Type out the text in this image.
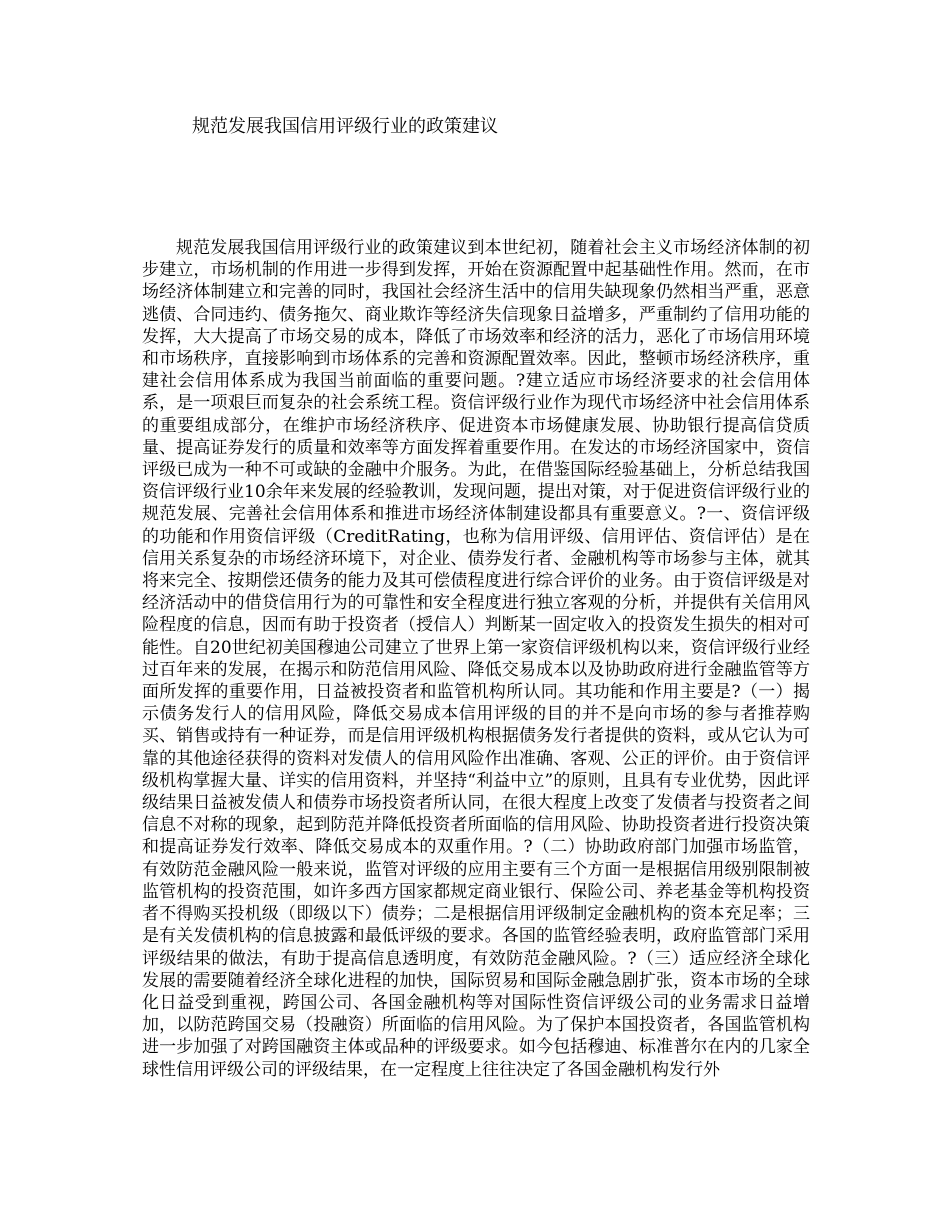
规范发展我国信用评级行业的政策建议

规范发展我国信用评级行业的政策建议到本世纪初，随着社会主义市场经济体制的初步建立，市场机制的作用进一步得到发挥，开始在资源配置中起基础性作用。然而，在市场经济体制建立和完善的同时，我国社会经济生活中的信用失缺现象仍然相当严重，恶意逃债、合同违约、债务拖欠、商业欺诈等经济失信现象日益增多，严重制约了信用功能的发挥，大大提高了市场交易的成本，降低了市场效率和经济的活力，恶化了市场信用环境和市场秩序，直接影响到市场体系的完善和资源配置效率。因此，整顿市场经济秩序，重建社会信用体系成为我国当前面临的重要问题。?建立适应市场经济要求的社会信用体系，是一项艰巨而复杂的社会系统工程。资信评级行业作为现代市场经济中社会信用体系的重要组成部分，在维护市场经济秩序、促进资本市场健康发展、协助银行提高信贷质量、提高证券发行的质量和效率等方面发挥着重要作用。在发达的市场经济国家中，资信评级已成为一种不可或缺的金融中介服务。为此，在借鉴国际经验基础上，分析总结我国资信评级行业10余年来发展的经验教训，发现问题，提出对策，对于促进资信评级行业的规范发展、完善社会信用体系和推进市场经济体制建设都具有重要意义。?一、资信评级的功能和作用资信评级（CreditRating，也称为信用评级、信用评估、资信评估）是在信用关系复杂的市场经济环境下，对企业、债券发行者、金融机构等市场参与主体，就其将来完全、按期偿还债务的能力及其可偿债程度进行综合评价的业务。由于资信评级是对经济活动中的借贷信用行为的可靠性和安全程度进行独立客观的分析，并提供有关信用风险程度的信息，因而有助于投资者（授信人）判断某一固定收入的投资发生损失的相对可能性。自20世纪初美国穆迪公司建立了世界上第一家资信评级机构以来，资信评级行业经过百年来的发展，在揭示和防范信用风险、降低交易成本以及协助政府进行金融监管等方面所发挥的重要作用，日益被投资者和监管机构所认同。其功能和作用主要是?（一）揭示债务发行人的信用风险，降低交易成本信用评级的目的并不是向市场的参与者推荐购买、销售或持有一种证券，而是信用评级机构根据债务发行者提供的资料，或从它认为可靠的其他途径获得的资料对发债人的信用风险作出准确、客观、公正的评价。由于资信评级机构掌握大量、详实的信用资料，并坚持“利益中立”的原则，且具有专业优势，因此评级结果日益被发债人和债券市场投资者所认同，在很大程度上改变了发债者与投资者之间信息不对称的现象，起到防范并降低投资者所面临的信用风险、协助投资者进行投资决策和提高证券发行效率、降低交易成本的双重作用。?（二）协助政府部门加强市场监管，有效防范金融风险一般来说，监管对评级的应用主要有三个方面一是根据信用级别限制被监管机构的投资范围，如许多西方国家都规定商业银行、保险公司、养老基金等机构投资者不得购买投机级（即级以下）债券；二是根据信用评级制定金融机构的资本充足率；三是有关发债机构的信息披露和最低评级的要求。各国的监管经验表明，政府监管部门采用评级结果的做法，有助于提高信息透明度，有效防范金融风险。?（三）适应经济全球化发展的需要随着经济全球化进程的加快，国际贸易和国际金融急剧扩张，资本市场的全球化日益受到重视，跨国公司、各国金融机构等对国际性资信评级公司的业务需求日益增加，以防范跨国交易（投融资）所面临的信用风险。为了保护本国投资者，各国监管机构进一步加强了对跨国融资主体或品种的评级要求。如今包括穆迪、标准普尔在内的几家全球性信用评级公司的评级结果，在一定程度上往往决定了各国金融机构发行外
